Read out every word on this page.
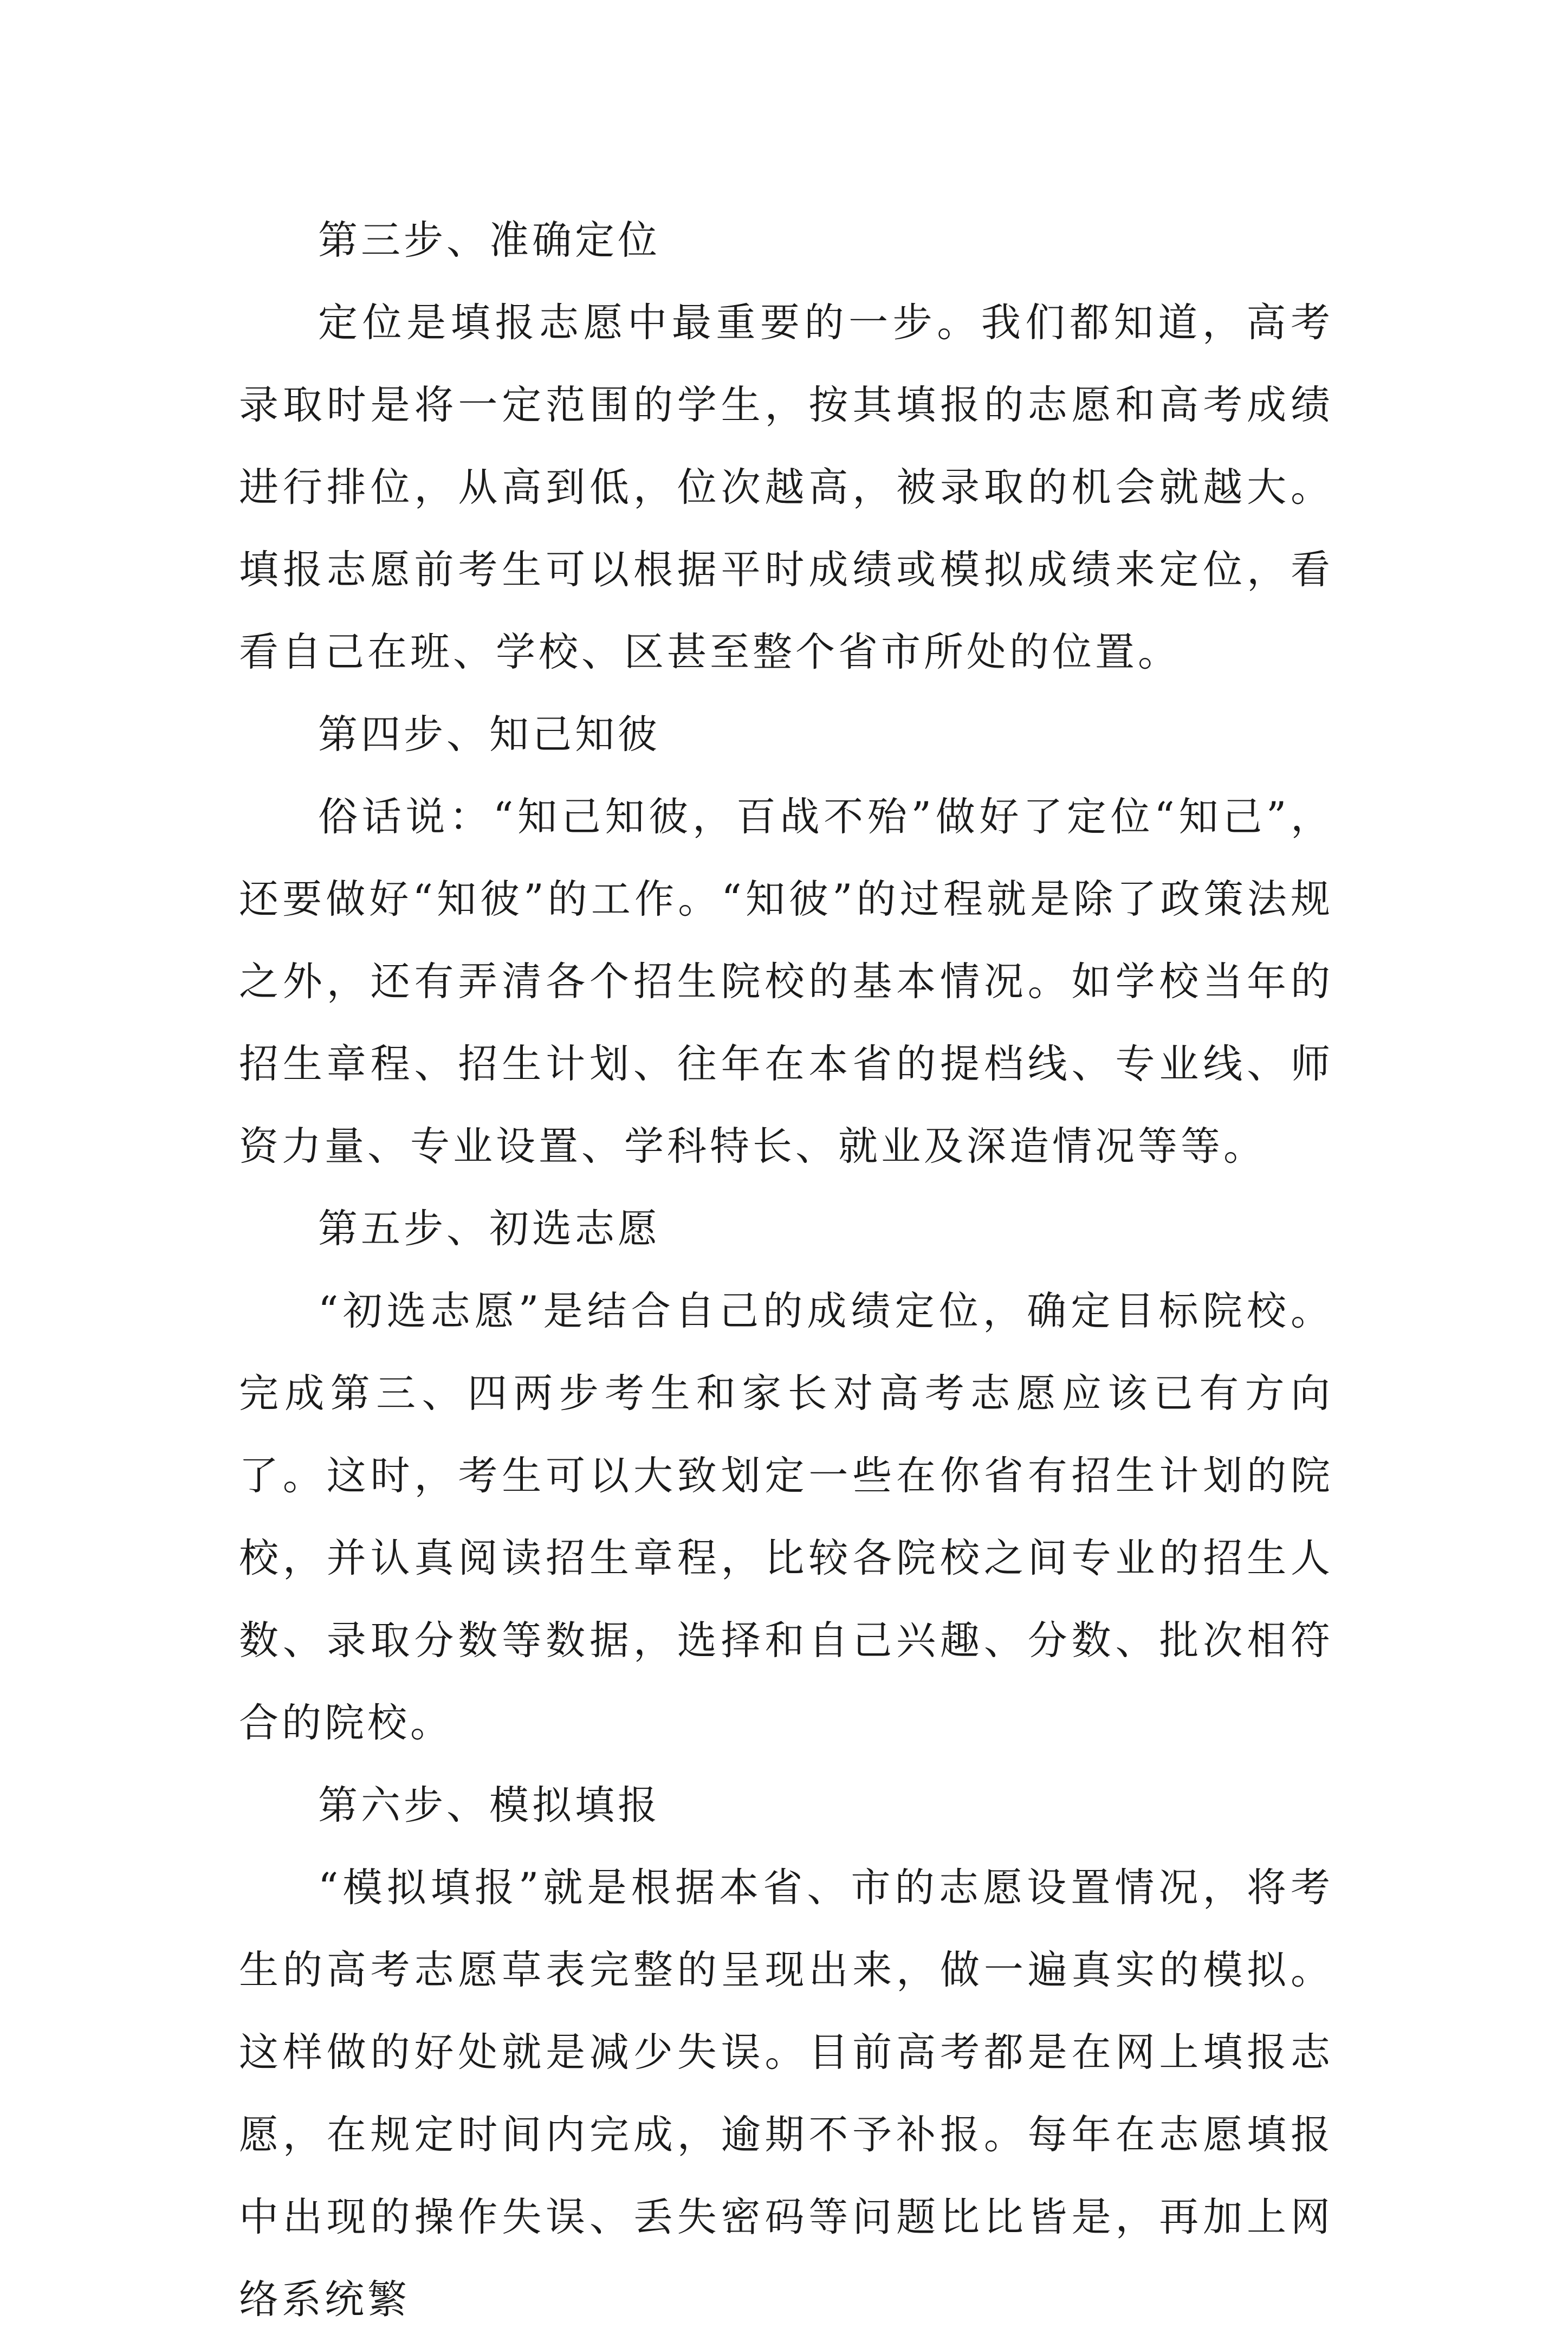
第三步、准确定位

定位是填报志愿中最重要的一步。我们都知道，高考录取时是将一定范围的学生，按其填报的志愿和高考成绩进行排位，从高到低，位次越高，被录取的机会就越大。填报志愿前考生可以根据平时成绩或模拟成绩来定位，看看自己在班、学校、区甚至整个省市所处的位置。

第四步、知己知彼

俗话说：“知己知彼，百战不殆”做好了定位“知己”，还要做好“知彼”的工作。“知彼”的过程就是除了政策法规之外，还有弄清各个招生院校的基本情况。如学校当年的招生章程、招生计划、往年在本省的提档线、专业线、师资力量、专业设置、学科特长、就业及深造情况等等。

第五步、初选志愿

“初选志愿”是结合自己的成绩定位，确定目标院校。完成第三、四两步考生和家长对高考志愿应该已有方向了。这时，考生可以大致划定一些在你省有招生计划的院校，并认真阅读招生章程，比较各院校之间专业的招生人数、录取分数等数据，选择和自己兴趣、分数、批次相符合的院校。

第六步、模拟填报

“模拟填报”就是根据本省、市的志愿设置情况，将考生的高考志愿草表完整的呈现出来，做一遍真实的模拟。这样做的好处就是减少失误。目前高考都是在网上填报志愿，在规定时间内完成，逾期不予补报。每年在志愿填报中出现的操作失误、丢失密码等问题比比皆是，再加上网络系统繁
